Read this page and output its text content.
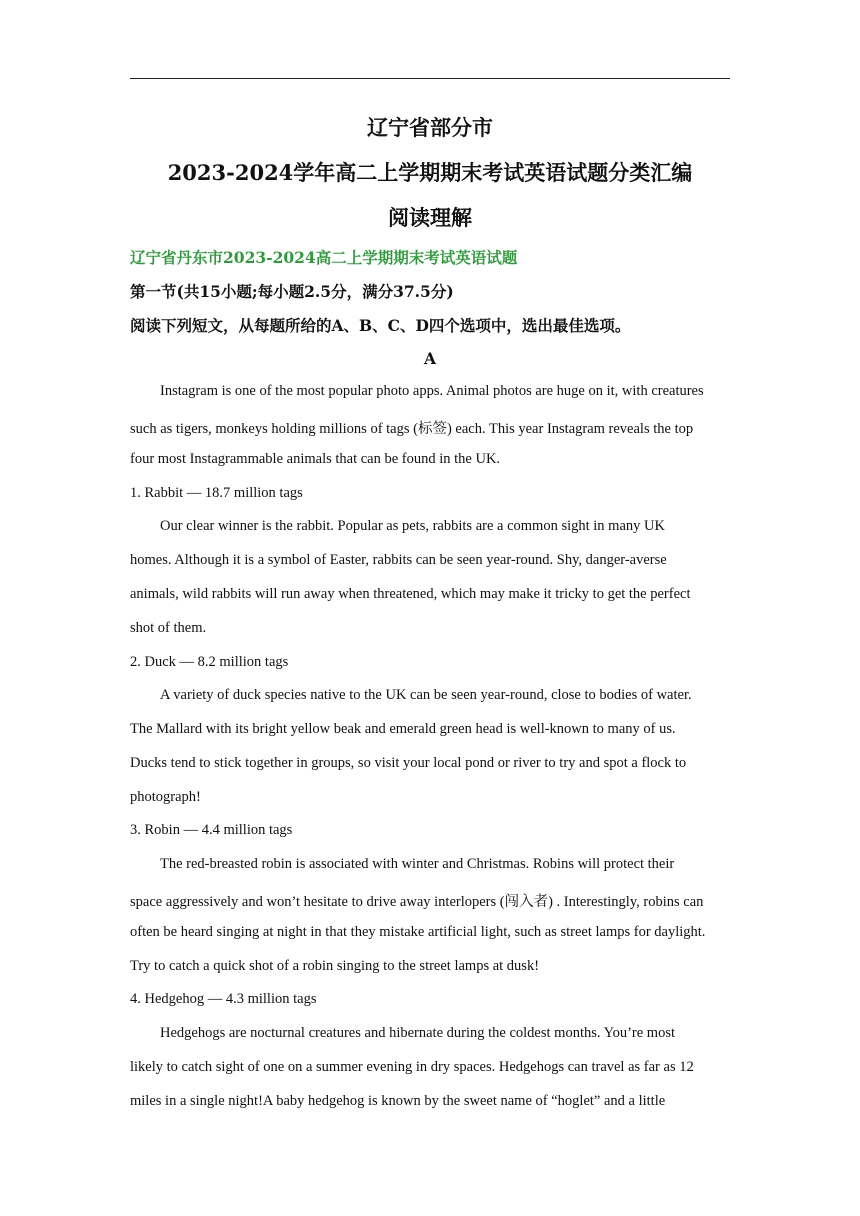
辽宁省部分市
2023-2024学年高二上学期期末考试英语试题分类汇编
阅读理解
辽宁省丹东市2023-2024高二上学期期末考试英语试题
第一节(共15小题;每小题2.5分，满分37.5分)
阅读下列短文，从每题所给的A、B、C、D四个选项中，选出最佳选项。
A
Instagram is one of the most popular photo apps. Animal photos are huge on it, with creatures
such as tigers, monkeys holding millions of tags (标签) each. This year Instagram reveals the top
four most Instagrammable animals that can be found in the UK.
1. Rabbit — 18.7 million tags
Our clear winner is the rabbit. Popular as pets, rabbits are a common sight in many UK
homes. Although it is a symbol of Easter, rabbits can be seen year-round. Shy, danger-averse
animals, wild rabbits will run away when threatened, which may make it tricky to get the perfect
shot of them.
2. Duck — 8.2 million tags
A variety of duck species native to the UK can be seen year-round, close to bodies of water.
The Mallard with its bright yellow beak and emerald green head is well-known to many of us.
Ducks tend to stick together in groups, so visit your local pond or river to try and spot a flock to
photograph!
3. Robin — 4.4 million tags
The red-breasted robin is associated with winter and Christmas. Robins will protect their
space aggressively and won’t hesitate to drive away interlopers (闯入者) . Interestingly, robins can
often be heard singing at night in that they mistake artificial light, such as street lamps for daylight.
Try to catch a quick shot of a robin singing to the street lamps at dusk!
4. Hedgehog — 4.3 million tags
Hedgehogs are nocturnal creatures and hibernate during the coldest months. You’re most
likely to catch sight of one on a summer evening in dry spaces. Hedgehogs can travel as far as 12
miles in a single night!A baby hedgehog is known by the sweet name of “hoglet” and a little
